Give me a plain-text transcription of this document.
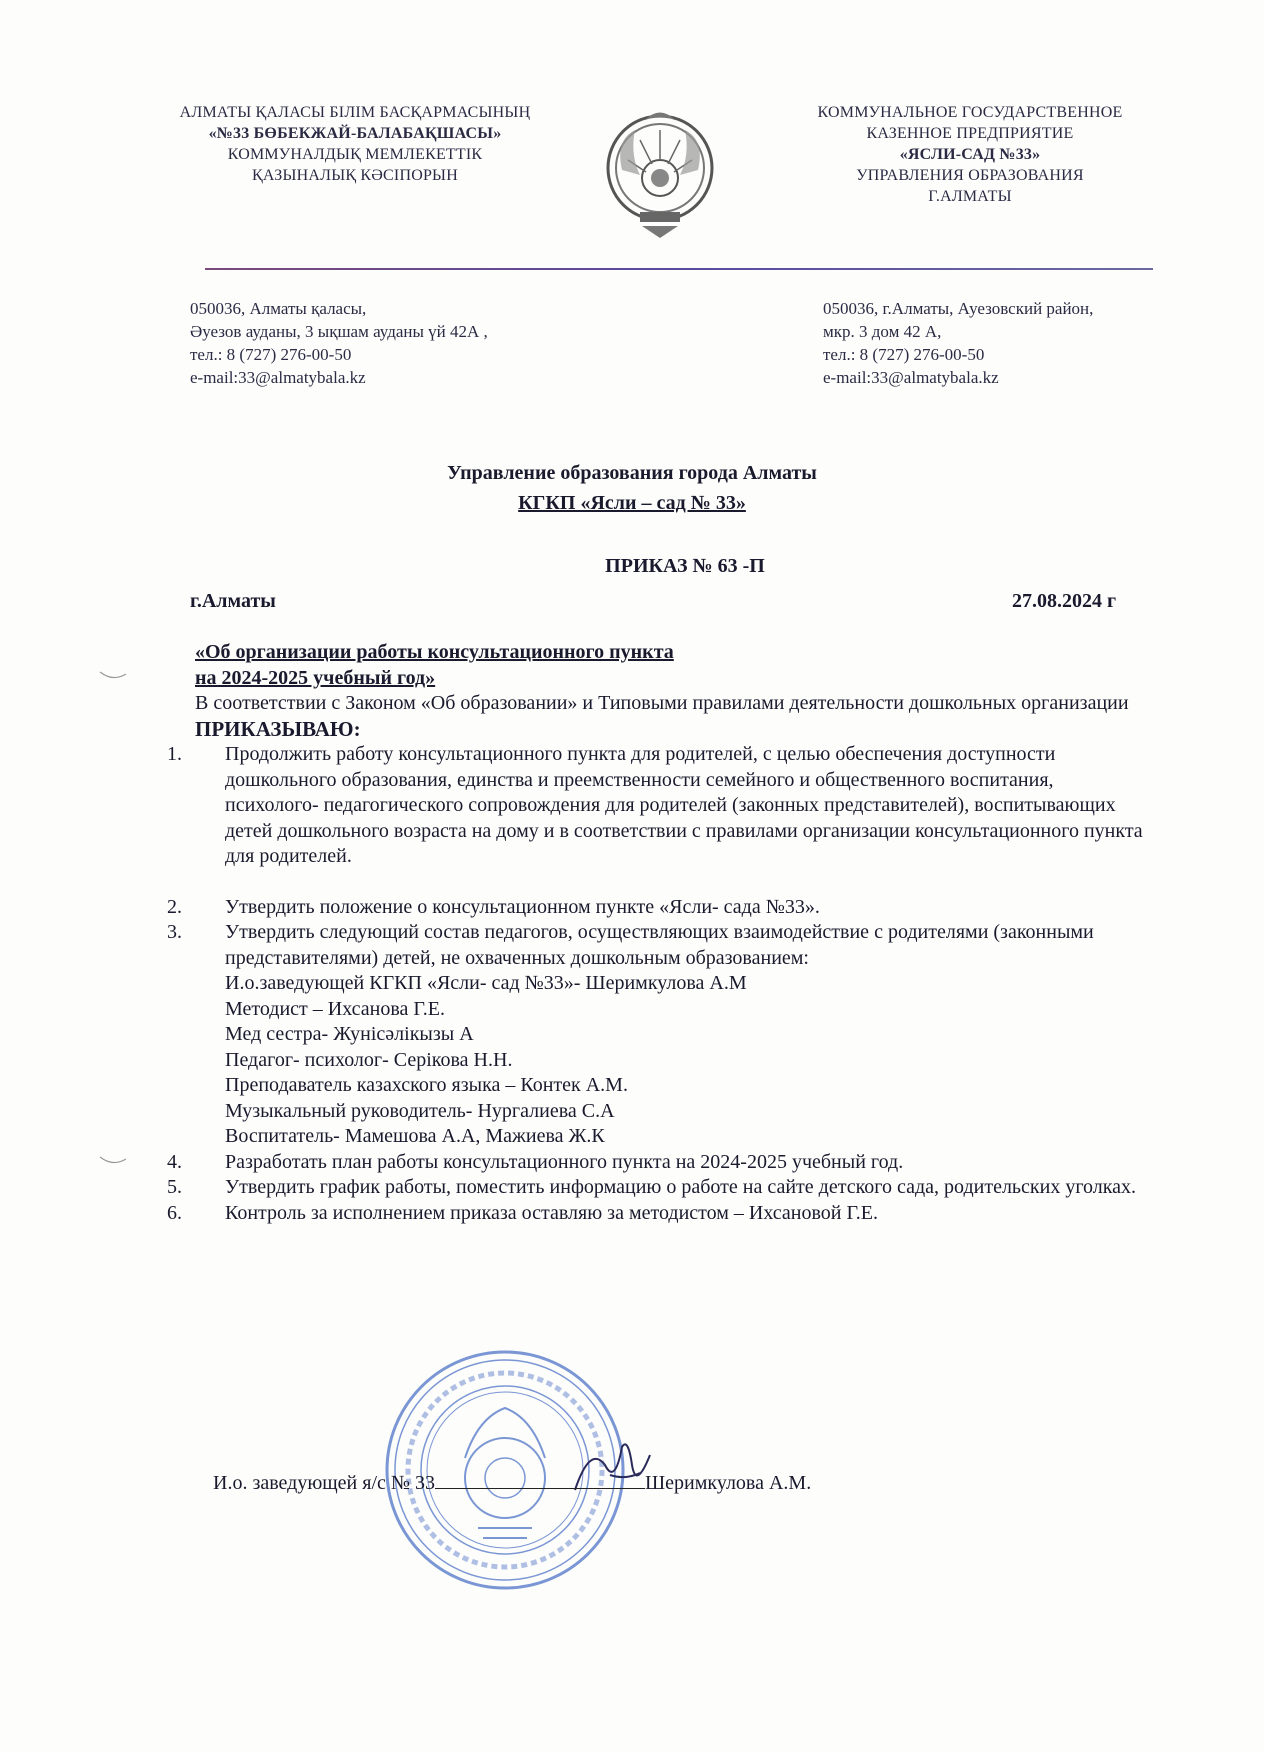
АЛМАТЫ ҚАЛАСЫ БІЛІМ БАСҚАРМАСЫНЫҢ
«№33 БӨБЕКЖАЙ-БАЛАБАҚШАСЫ»
КОММУНАЛДЫҚ МЕМЛЕКЕТТІК
ҚАЗЫНАЛЫҚ КӘСІПОРЫН
КОММУНАЛЬНОЕ ГОСУДАРСТВЕННОЕ
КАЗЕННОЕ ПРЕДПРИЯТИЕ
«ЯСЛИ-САД №33»
УПРАВЛЕНИЯ ОБРАЗОВАНИЯ
Г.АЛМАТЫ
050036, Алматы қаласы,
Әуезов ауданы, 3 ықшам ауданы үй 42А ,
тел.: 8 (727) 276-00-50
e-mail:33@almatybala.kz
050036, г.Алматы, Ауезовский район,
мкр. 3 дом 42 А,
тел.: 8 (727) 276-00-50
e-mail:33@almatybala.kz
Управление образования города Алматы
КГКП «Ясли – сад № 33»
ПРИКАЗ № 63 -П
г.Алматы	27.08.2024 г
«Об организации работы консультационного пункта
на 2024-2025 учебный год»
В соответствии с Законом «Об образовании» и Типовыми правилами деятельности дошкольных организации
ПРИКАЗЫВАЮ:
1. Продолжить работу консультационного пункта для родителей, с целью обеспечения доступности дошкольного образования, единства и преемственности семейного и общественного воспитания, психолого- педагогического сопровождения для родителей (законных представителей), воспитывающих детей дошкольного возраста на дому и в соответствии с правилами организации консультационного пункта для родителей.
2. Утвердить положение о консультационном пункте «Ясли- сада №33».
3. Утвердить следующий состав педагогов, осуществляющих взаимодействие с родителями (законными представителями) детей, не охваченных дошкольным образованием:
И.о.заведующей КГКП «Ясли- сад №33»- Шеримкулова А.М
Методист – Ихсанова Г.Е.
Мед сестра- Жунісәлікызы А
Педагог- психолог- Серікова Н.Н.
Преподаватель казахского языка – Контек А.М.
Музыкальный руководитель- Нургалиева С.А
Воспитатель- Мамешова А.А, Мажиева Ж.К
4. Разработать план работы консультационного пункта на 2024-2025 учебный год.
5. Утвердить график работы, поместить информацию о работе на сайте детского сада, родительских уголках.
6. Контроль за исполнением приказа оставляю за методистом – Ихсановой Г.Е.
И.о. заведующей я/с № 33	Шеримкулова А.М.
